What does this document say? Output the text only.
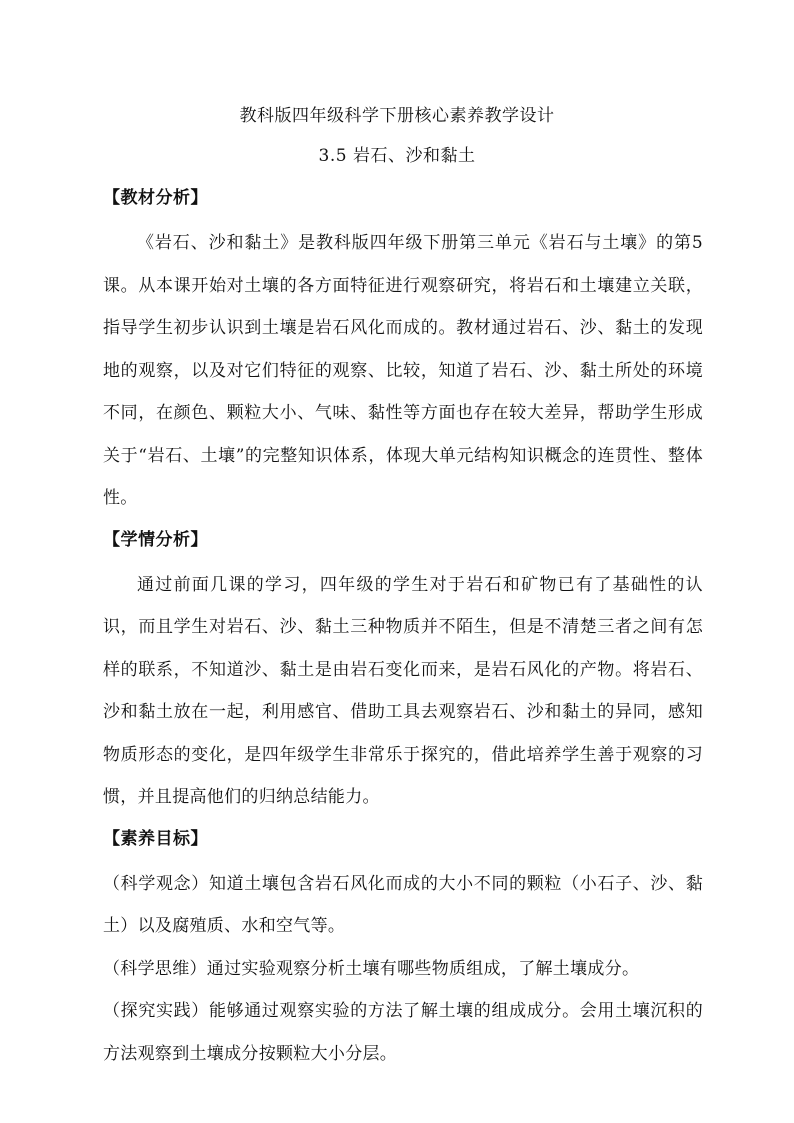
教科版四年级科学下册核心素养教学设计
3.5 岩石、沙和黏土
【教材分析】

《岩石、沙和黏土》是教科版四年级下册第三单元《岩石与土壤》的第5课。从本课开始对土壤的各方面特征进行观察研究，将岩石和土壤建立关联，指导学生初步认识到土壤是岩石风化而成的。教材通过岩石、沙、黏土的发现地的观察，以及对它们特征的观察、比较，知道了岩石、沙、黏土所处的环境不同，在颜色、颗粒大小、气味、黏性等方面也存在较大差异，帮助学生形成关于“岩石、土壤”的完整知识体系，体现大单元结构知识概念的连贯性、整体性。

【学情分析】

通过前面几课的学习，四年级的学生对于岩石和矿物已有了基础性的认识，而且学生对岩石、沙、黏土三种物质并不陌生，但是不清楚三者之间有怎样的联系，不知道沙、黏土是由岩石变化而来，是岩石风化的产物。将岩石、沙和黏土放在一起，利用感官、借助工具去观察岩石、沙和黏土的异同，感知物质形态的变化，是四年级学生非常乐于探究的，借此培养学生善于观察的习惯，并且提高他们的归纳总结能力。

【素养目标】

（科学观念）知道土壤包含岩石风化而成的大小不同的颗粒（小石子、沙、黏土）以及腐殖质、水和空气等。

（科学思维）通过实验观察分析土壤有哪些物质组成，了解土壤成分。

（探究实践）能够通过观察实验的方法了解土壤的组成成分。会用土壤沉积的方法观察到土壤成分按颗粒大小分层。
